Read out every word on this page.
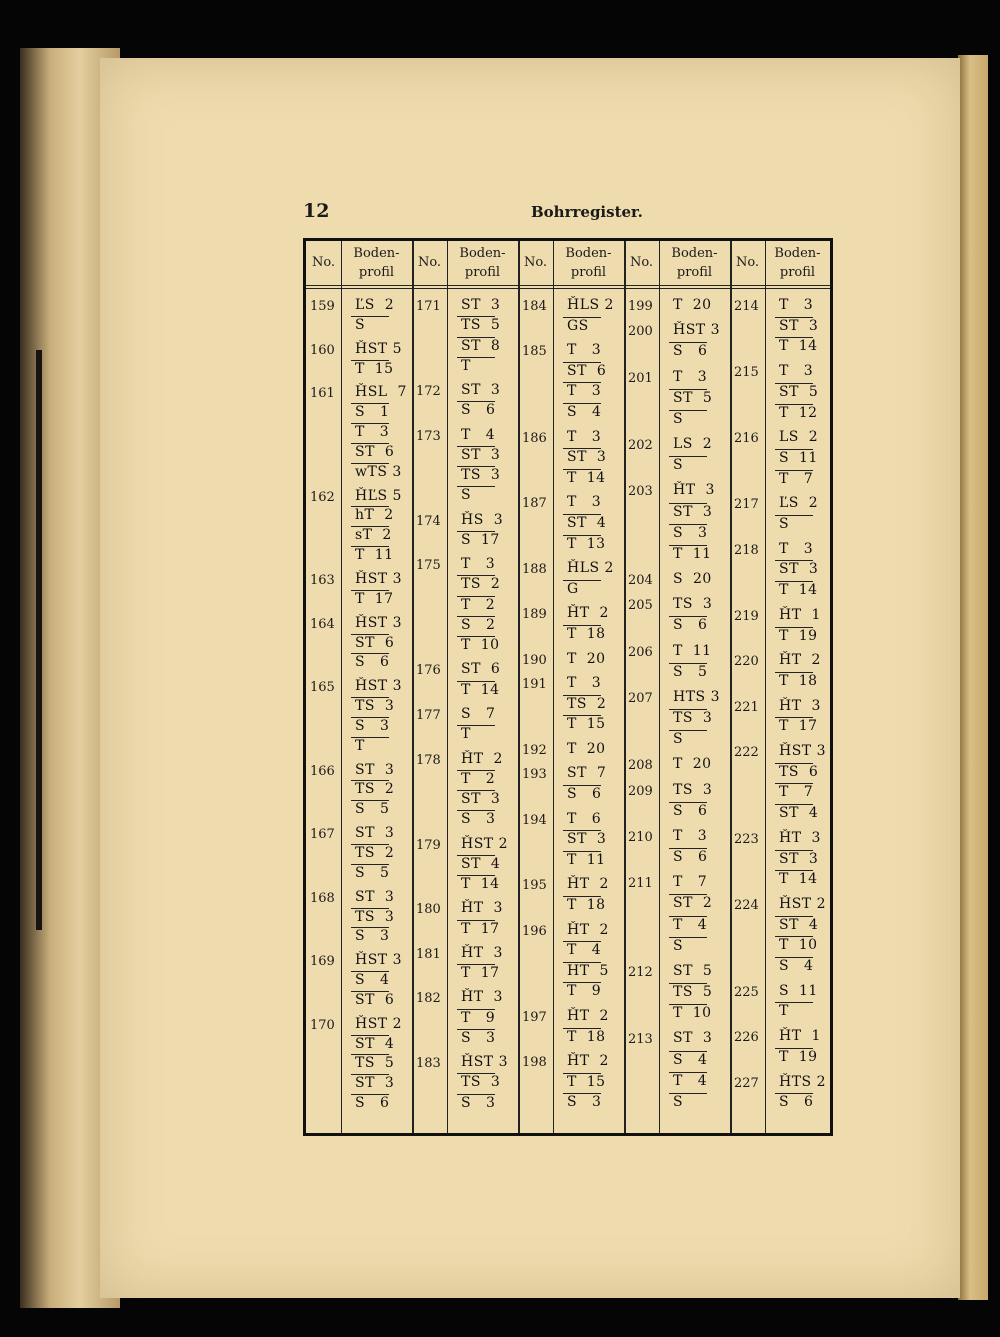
12	Bohrregister.
No.
Boden-
profil
No.
Boden-
profil
No.
Boden-
profil
No.
Boden-
profil
No.
Boden-
profil
159 ĽS  2
S
160 ȞST 5
T  15
161 ȞSL  7
S   1
T   3
ST  6
wTS 3
162 ȞĽS 5
hT  2
sT  2
T  11
163 ȞST 3
T  17
164 ȞST 3
ST  6
S   6
165 ȞST 3
TS  3
S   3
T
166 ST  3
TS  2
S   5
167 ST  3
TS  2
S   5
168 ST  3
TS  3
S   3
169 ȞST 3
S   4
ST  6
170 ȞST 2
ST  4
TS  5
ST  3
S   6
171 ST  3
TS  5
ST  8
T
172 ST  3
S   6
173 T   4
ST  3
TS  3
S
174 ȞS  3
S  17
175 T   3
TS  2
T   2
S   2
T  10
176 ST  6
T  14
177 S   7
T
178 ȞT  2
T   2
ST  3
S   3
179 ȞST 2
ST  4
T  14
180 ȞT  3
T  17
181 ȞT  3
T  17
182 ȞT  3
T   9
S   3
183 ȞST 3
TS  3
S   3
184 ȞLS 2
GS
185 T   3
ST  6
T   3
S   4
186 T   3
ST  3
T  14
187 T   3
ST  4
T  13
188 ȞLS 2
G
189 ȞT  2
T  18
190 T  20
191 T   3
TS  2
T  15
192 T  20
193 ST  7
S   6
194 T   6
ST  3
T  11
195 ȞT  2
T  18
196 ȞT  2
T   4
HT  5
T   9
197 ȞT  2
T  18
198 ȞT  2
T  15
S   3
199 T  20
200 ȞST 3
S   6
201 T   3
ST  5
S
202 LS  2
S
203 ȞT  3
ST  3
S   3
T  11
204 S  20
205 TS  3
S   6
206 T  11
S   5
207 HTS 3
TS  3
S
208 T  20
209 TS  3
S   6
210 T   3
S   6
211 T   7
ST  2
T   4
S
212 ST  5
TS  5
T  10
213 ST  3
S   4
T   4
S
214 T   3
ST  3
T  14
215 T   3
ST  5
T  12
216 LS  2
S  11
T   7
217 ĽS  2
S
218 T   3
ST  3
T  14
219 ȞT  1
T  19
220 ȞT  2
T  18
221 ȞT  3
T  17
222 ȞST 3
TS  6
T   7
ST  4
223 ȞT  3
ST  3
T  14
224 ȞST 2
ST  4
T  10
S   4
225 S  11
T
226 ȞT  1
T  19
227 ȞTS 2
S   6
